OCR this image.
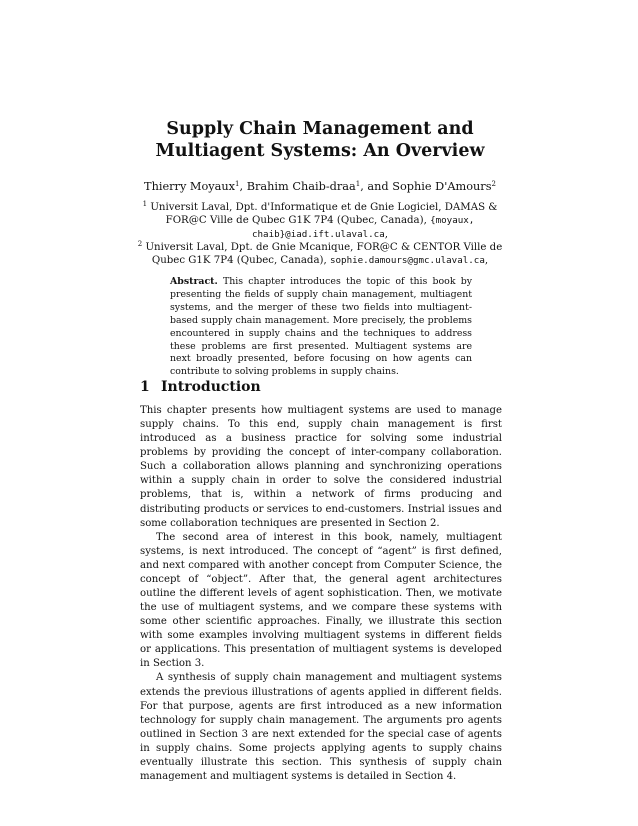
Supply Chain Management and Multiagent Systems: An Overview
Thierry Moyaux$^1$, Brahim Chaib-draa$^1$, and Sophie D'Amours$^2$
$^1$ Universit Laval, Dpt. d'Informatique et de Gnie Logiciel, DAMAS & FOR@C Ville de Qubec G1K 7P4 (Qubec, Canada), {moyaux, chaib}@iad.ift.ulaval.ca,
$^2$ Universit Laval, Dpt. de Gnie Mcanique, FOR@C & CENTOR Ville de Qubec G1K 7P4 (Qubec, Canada), sophie.damours@gmc.ulaval.ca,
Abstract. This chapter introduces the topic of this book by presenting the fields of supply chain management, multiagent systems, and the merger of these two fields into multiagent-based supply chain management. More precisely, the problems encountered in supply chains and the techniques to address these problems are first presented. Multiagent systems are next broadly presented, before focusing on how agents can contribute to solving problems in supply chains.
1 Introduction

This chapter presents how multiagent systems are used to manage supply chains. To this end, supply chain management is first introduced as a business practice for solving some industrial problems by providing the concept of inter-company collaboration. Such a collaboration allows planning and synchronizing operations within a supply chain in order to solve the considered industrial problems, that is, within a network of firms producing and distributing products or services to end-customers. Instrial issues and some collaboration techniques are presented in Section 2.

The second area of interest in this book, namely, multiagent systems, is next introduced. The concept of “agent” is first defined, and next compared with another concept from Computer Science, the concept of “object”. After that, the general agent architectures outline the different levels of agent sophistication. Then, we motivate the use of multiagent systems, and we compare these systems with some other scientific approaches. Finally, we illustrate this section with some examples involving multiagent systems in different fields or applications. This presentation of multiagent systems is developed in Section 3.

A synthesis of supply chain management and multiagent systems extends the previous illustrations of agents applied in different fields. For that purpose, agents are first introduced as a new information technology for supply chain management. The arguments pro agents outlined in Section 3 are next extended for the special case of agents in supply chains. Some projects applying agents to supply chains eventually illustrate this section. This synthesis of supply chain management and multiagent systems is detailed in Section 4.
